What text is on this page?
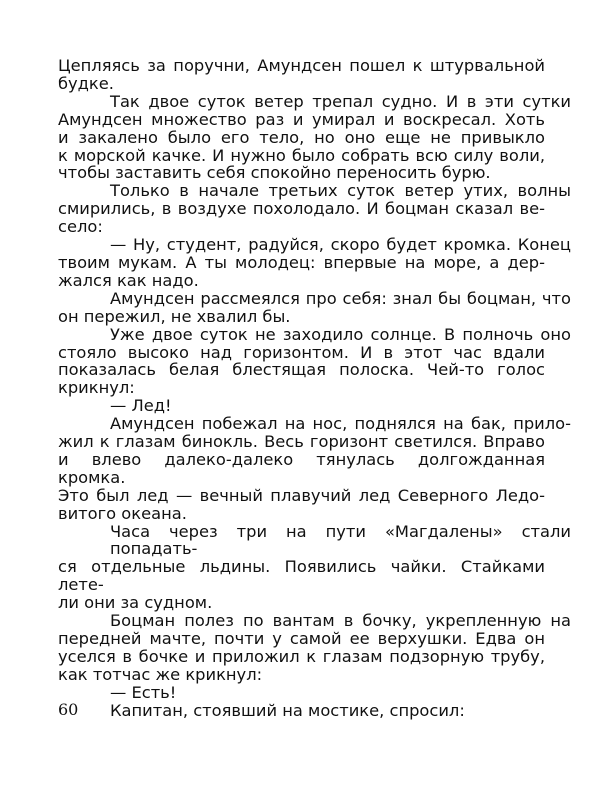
Цепляясь за поручни, Амундсен пошел к штурвальной будке.

Так двое суток ветер трепал судно. И в эти сутки Амундсен множество раз и умирал и воскресал. Хоть и закалено было его тело, но оно еще не привыкло к морской качке. И нужно было собрать всю силу воли, чтобы заставить себя спокойно переносить бурю.

Только в начале третьих суток ветер утих, волны смирились, в воздухе похолодало. И боцман сказал ве- село:

— Ну, студент, радуйся, скоро будет кромка. Конец твоим мукам. А ты молодец: впервые на море, а дер- жался как надо.

Амундсен рассмеялся про себя: знал бы боцман, что он пережил, не хвалил бы.

Уже двое суток не заходило солнце. В полночь оно стояло высоко над горизонтом. И в этот час вдали показалась белая блестящая полоска. Чей-то голос крикнул:

— Лед!

Амундсен побежал на нос, поднялся на бак, прило- жил к глазам бинокль. Весь горизонт светился. Вправо и влево далеко-далеко тянулась долгожданная кромка. Это был лед — вечный плавучий лед Северного Ледо- витого океана.

Часа через три на пути «Магдалены» стали попадать- ся отдельные льдины. Появились чайки. Стайками лете- ли они за судном.

Боцман полез по вантам в бочку, укрепленную на передней мачте, почти у самой ее верхушки. Едва он уселся в бочке и приложил к глазам подзорную трубу, как тотчас же крикнул:

— Есть!

Капитан, стоявший на мостике, спросил:

60
